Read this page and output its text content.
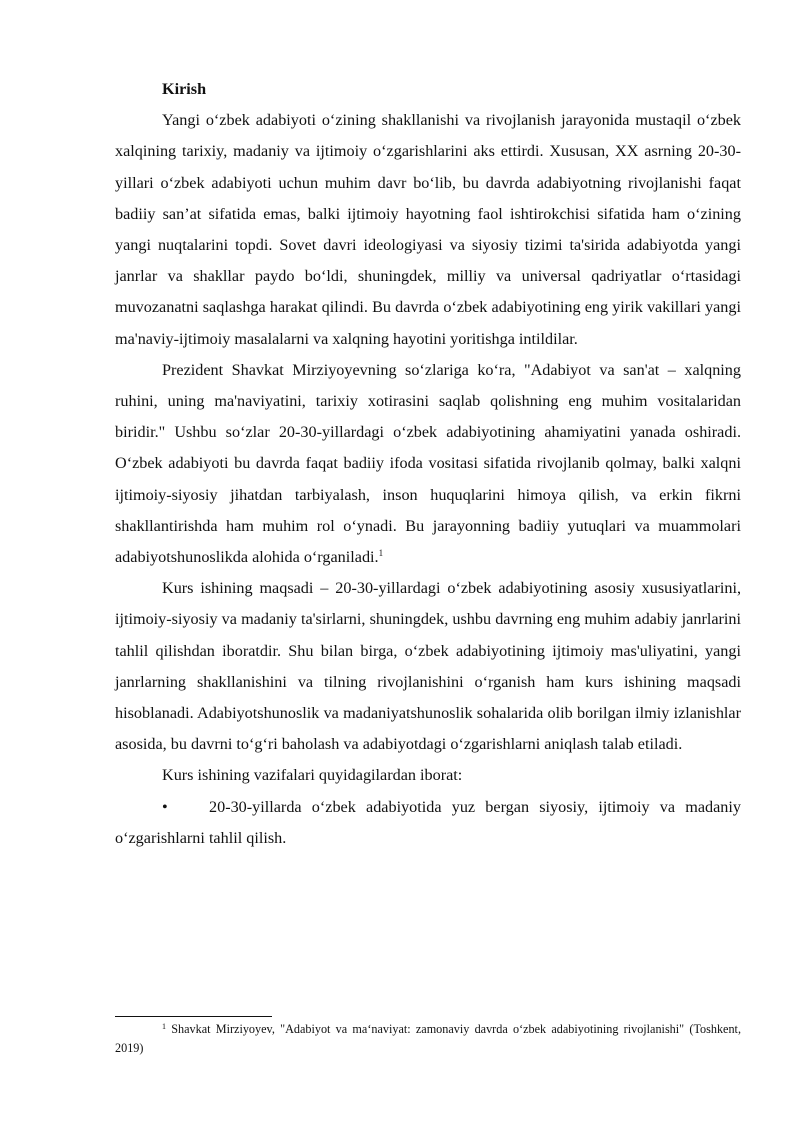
Kirish

Yangi o‘zbek adabiyoti o‘zining shakllanishi va rivojlanish jarayonida mustaqil o‘zbek xalqining tarixiy, madaniy va ijtimoiy o‘zgarishlarini aks ettirdi. Xususan, XX asrning 20-30-yillari o‘zbek adabiyoti uchun muhim davr bo‘lib, bu davrda adabiyotning rivojlanishi faqat badiiy san’at sifatida emas, balki ijtimoiy hayotning faol ishtirokchisi sifatida ham o‘zining yangi nuqtalarini topdi. Sovet davri ideologiyasi va siyosiy tizimi ta'sirida adabiyotda yangi janrlar va shakllar paydo bo‘ldi, shuningdek, milliy va universal qadriyatlar o‘rtasidagi muvozanatni saqlashga harakat qilindi. Bu davrda o‘zbek adabiyotining eng yirik vakillari yangi ma'naviy-ijtimoiy masalalarni va xalqning hayotini yoritishga intildilar.

Prezident Shavkat Mirziyoyevning so‘zlariga ko‘ra, "Adabiyot va san'at – xalqning ruhini, uning ma'naviyatini, tarixiy xotirasini saqlab qolishning eng muhim vositalaridan biridir." Ushbu so‘zlar 20-30-yillardagi o‘zbek adabiyotining ahamiyatini yanada oshiradi. O‘zbek adabiyoti bu davrda faqat badiiy ifoda vositasi sifatida rivojlanib qolmay, balki xalqni ijtimoiy-siyosiy jihatdan tarbiyalash, inson huquqlarini himoya qilish, va erkin fikrni shakllantirishda ham muhim rol o‘ynadi. Bu jarayonning badiiy yutuqlari va muammolari adabiyotshunoslikda alohida o‘rganiladi.$^1$

Kurs ishining maqsadi – 20-30-yillardagi o‘zbek adabiyotining asosiy xususiyatlarini, ijtimoiy-siyosiy va madaniy ta'sirlarni, shuningdek, ushbu davrning eng muhim adabiy janrlarini tahlil qilishdan iboratdir. Shu bilan birga, o‘zbek adabiyotining ijtimoiy mas'uliyatini, yangi janrlarning shakllanishini va tilning rivojlanishini o‘rganish ham kurs ishining maqsadi hisoblanadi. Adabiyotshunoslik va madaniyatshunoslik sohalarida olib borilgan ilmiy izlanishlar asosida, bu davrni to‘g‘ri baholash va adabiyotdagi o‘zgarishlarni aniqlash talab etiladi.

Kurs ishining vazifalari quyidagilardan iborat:

•	20-30-yillarda o‘zbek adabiyotida yuz bergan siyosiy, ijtimoiy va madaniy o‘zgarishlarni tahlil qilish.

$^1$ Shavkat Mirziyoyev, "Adabiyot va ma‘naviyat: zamonaviy davrda o‘zbek adabiyotining rivojlanishi" (Toshkent, 2019)
